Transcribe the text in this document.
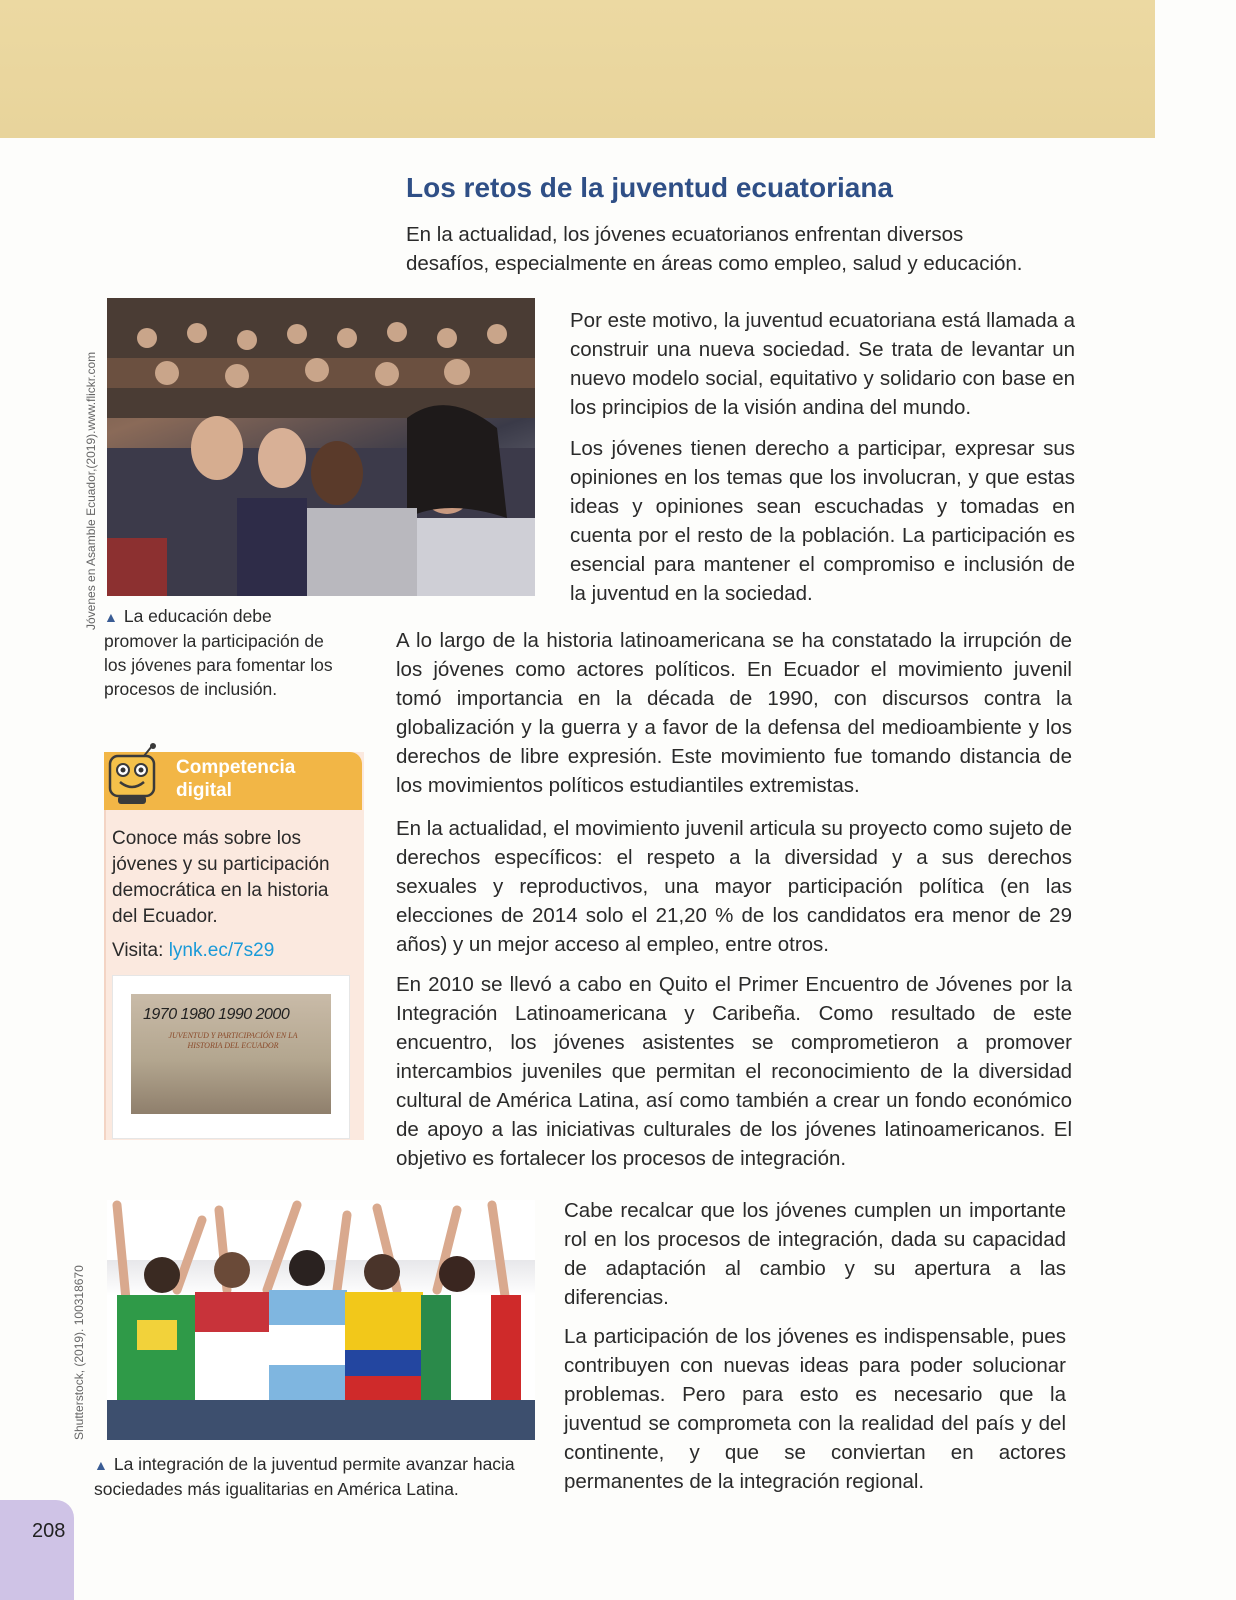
Los retos de la juventud ecuatoriana

En la actualidad, los jóvenes ecuatorianos enfrentan diversos desafíos, especialmente en áreas como empleo, salud y educación.

Jóvenes en Asamble Ecuador,(2019).www.flickr.com ▲ La educación debe promover la participación de los jóvenes para fomentar los procesos de inclusión.

Por este motivo, la juventud ecuatoriana está llamada a construir una nueva sociedad. Se trata de levantar un nuevo modelo social, equitativo y solidario con base en los principios de la visión andina del mundo.

Los jóvenes tienen derecho a participar, expresar sus opiniones en los temas que los involucran, y que estas ideas y opiniones sean escuchadas y tomadas en cuenta por el resto de la población. La participación es esencial para mantener el compromiso e inclusión de la juventud en la sociedad.

A lo largo de la historia latinoamericana se ha constatado la irrupción de los jóvenes como actores políticos. En Ecuador el movimiento juvenil tomó importancia en la década de 1990, con discursos contra la globalización y la guerra y a favor de la defensa del medioambiente y los derechos de libre expresión. Este movimiento fue tomando distancia de los movimientos políticos estudiantiles extremistas.

En la actualidad, el movimiento juvenil articula su proyecto como sujeto de derechos específicos: el respeto a la diversidad y a sus derechos sexuales y reproductivos, una mayor participación política (en las elecciones de 2014 solo el 21,20 % de los candidatos era menor de 29 años) y un mejor acceso al empleo, entre otros.

En 2010 se llevó a cabo en Quito el Primer Encuentro de Jóvenes por la Integración Latinoamericana y Caribeña. Como resultado de este encuentro, los jóvenes asistentes se comprometieron a promover intercambios juveniles que permitan el reconocimiento de la diversidad cultural de América Latina, así como también a crear un fondo económico de apoyo a las iniciativas culturales de los jóvenes latinoamericanos. El objetivo es fortalecer los procesos de integración.

Competencia digital

Conoce más sobre los jóvenes y su participación democrática en la historia del Ecuador.

Visita: lynk.ec/7s29

1970 1980 1990 2000
JUVENTUD Y PARTICIPACIÓN EN LA HISTORIA DEL ECUADOR
Shutterstock, (2019). 100318670

▲ La integración de la juventud permite avanzar hacia sociedades más igualitarias en América Latina.

Cabe recalcar que los jóvenes cumplen un importante rol en los procesos de integración, dada su capacidad de adaptación al cambio y su apertura a las diferencias.

La participación de los jóvenes es indispensable, pues contribuyen con nuevas ideas para poder solucionar problemas. Pero para esto es necesario que la juventud se comprometa con la realidad del país y del continente, y que se conviertan en actores permanentes de la integración regional.

208
